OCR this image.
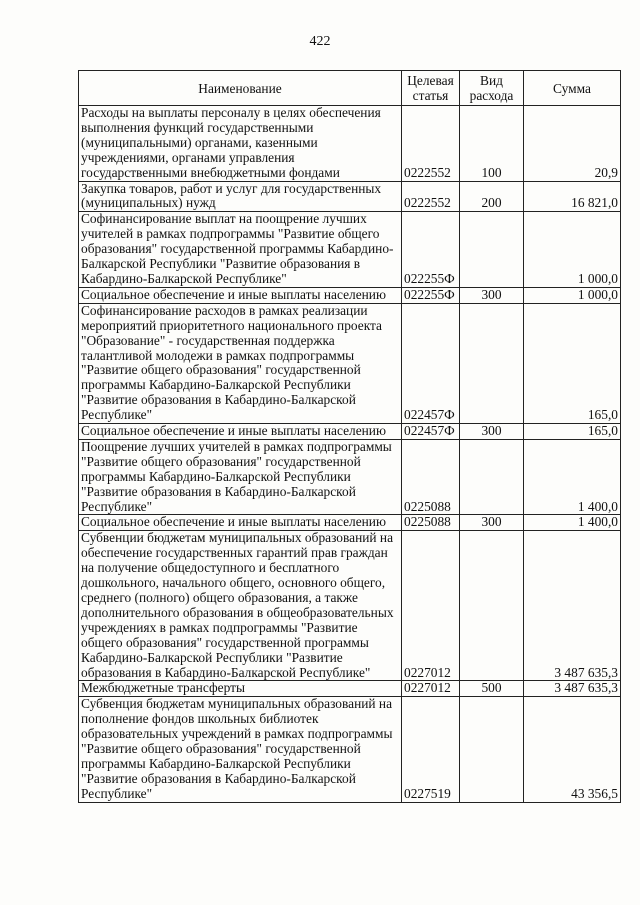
422
Наименование	Целевая статья	Вид расхода	Сумма
Расходы на выплаты персоналу в целях обеспечения выполнения функций государственными (муниципальными) органами, казенными учреждениями, органами управления государственными внебюджетными фондами	0222552	100	20,9
Закупка товаров, работ и услуг для государственных (муниципальных) нужд	0222552	200	16 821,0
Софинансирование выплат на поощрение лучших учителей в рамках подпрограммы "Развитие общего образования" государственной программы Кабардино-Балкарской Республики "Развитие образования в Кабардино-Балкарской Республике"	022255Ф		1 000,0
Социальное обеспечение и иные выплаты населению	022255Ф	300	1 000,0
Софинансирование расходов в рамках реализации мероприятий приоритетного национального проекта "Образование" - государственная поддержка талантливой молодежи в рамках подпрограммы "Развитие общего образования" государственной программы Кабардино-Балкарской Республики "Развитие образования в Кабардино-Балкарской Республике"	022457Ф		165,0
Социальное обеспечение и иные выплаты населению	022457Ф	300	165,0
Поощрение лучших учителей в рамках подпрограммы "Развитие общего образования" государственной программы Кабардино-Балкарской Республики "Развитие образования в Кабардино-Балкарской Республике"	0225088		1 400,0
Социальное обеспечение и иные выплаты населению	0225088	300	1 400,0
Субвенции бюджетам муниципальных образований на обеспечение государственных гарантий прав граждан на получение общедоступного и бесплатного дошкольного, начального общего, основного общего, среднего (полного) общего образования, а также дополнительного образования в общеобразовательных учреждениях в рамках подпрограммы "Развитие общего образования" государственной программы Кабардино-Балкарской Республики "Развитие образования в Кабардино-Балкарской Республике"	0227012		3 487 635,3
Межбюджетные трансферты	0227012	500	3 487 635,3
Субвенция бюджетам муниципальных образований на пополнение фондов школьных библиотек образовательных учреждений в рамках подпрограммы "Развитие общего образования" государственной программы Кабардино-Балкарской Республики "Развитие образования в Кабардино-Балкарской Республике"	0227519		43 356,5
